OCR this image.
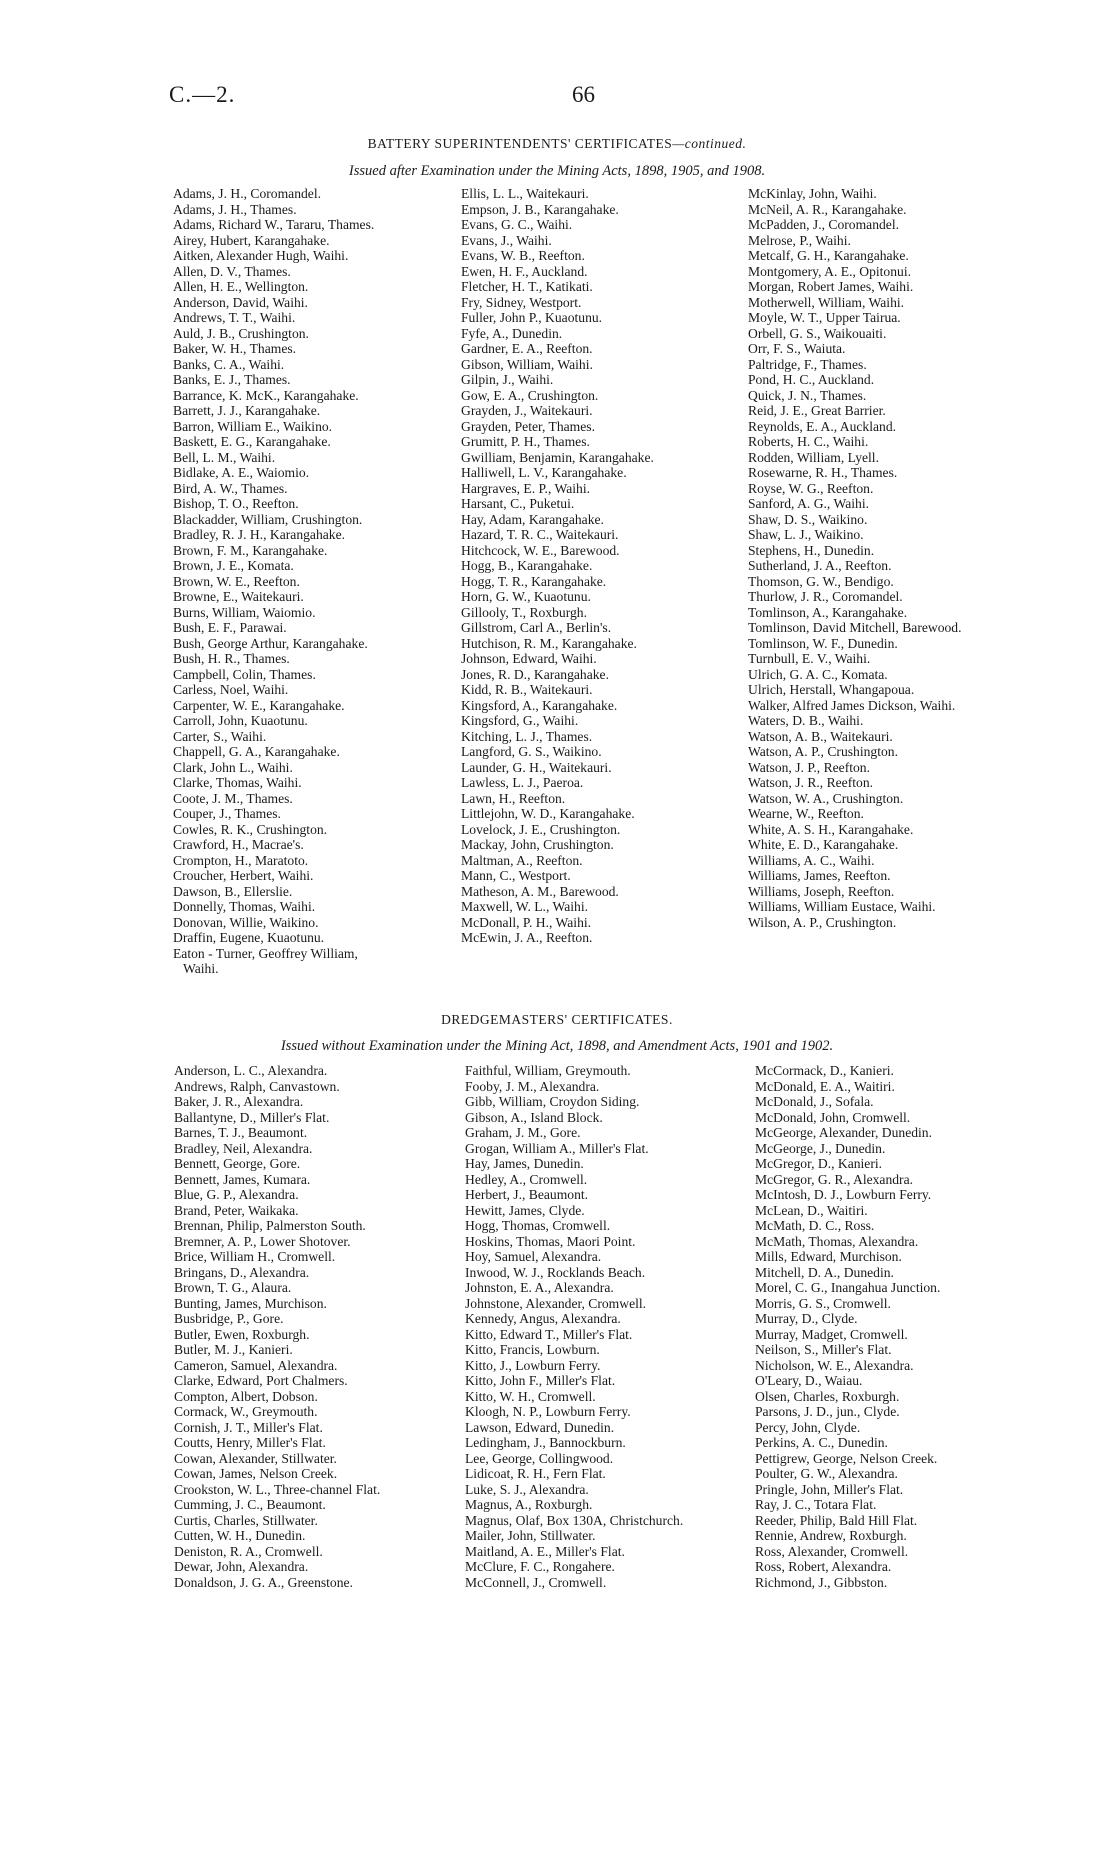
C.—2.	66
BATTERY SUPERINTENDENTS' CERTIFICATES—continued.
Issued after Examination under the Mining Acts, 1898, 1905, and 1908.
Adams, J. H., Coromandel.
Adams, J. H., Thames.
Adams, Richard W., Tararu, Thames.
Airey, Hubert, Karangahake.
Aitken, Alexander Hugh, Waihi.
Allen, D. V., Thames.
Allen, H. E., Wellington.
Anderson, David, Waihi.
Andrews, T. T., Waihi.
Auld, J. B., Crushington.
Baker, W. H., Thames.
Banks, C. A., Waihi.
Banks, E. J., Thames.
Barrance, K. McK., Karangahake.
Barrett, J. J., Karangahake.
Barron, William E., Waikino.
Baskett, E. G., Karangahake.
Bell, L. M., Waihi.
Bidlake, A. E., Waiomio.
Bird, A. W., Thames.
Bishop, T. O., Reefton.
Blackadder, William, Crushington.
Bradley, R. J. H., Karangahake.
Brown, F. M., Karangahake.
Brown, J. E., Komata.
Brown, W. E., Reefton.
Browne, E., Waitekauri.
Burns, William, Waiomio.
Bush, E. F., Parawai.
Bush, George Arthur, Karangahake.
Bush, H. R., Thames.
Campbell, Colin, Thames.
Carless, Noel, Waihi.
Carpenter, W. E., Karangahake.
Carroll, John, Kuaotunu.
Carter, S., Waihi.
Chappell, G. A., Karangahake.
Clark, John L., Waihi.
Clarke, Thomas, Waihi.
Coote, J. M., Thames.
Couper, J., Thames.
Cowles, R. K., Crushington.
Crawford, H., Macrae's.
Crompton, H., Maratoto.
Croucher, Herbert, Waihi.
Dawson, B., Ellerslie.
Donnelly, Thomas, Waihi.
Donovan, Willie, Waikino.
Draffin, Eugene, Kuaotunu.
Eaton - Turner, Geoffrey William,
Waihi.
Ellis, L. L., Waitekauri.
Empson, J. B., Karangahake.
Evans, G. C., Waihi.
Evans, J., Waihi.
Evans, W. B., Reefton.
Ewen, H. F., Auckland.
Fletcher, H. T., Katikati.
Fry, Sidney, Westport.
Fuller, John P., Kuaotunu.
Fyfe, A., Dunedin.
Gardner, E. A., Reefton.
Gibson, William, Waihi.
Gilpin, J., Waihi.
Gow, E. A., Crushington.
Grayden, J., Waitekauri.
Grayden, Peter, Thames.
Grumitt, P. H., Thames.
Gwilliam, Benjamin, Karangahake.
Halliwell, L. V., Karangahake.
Hargraves, E. P., Waihi.
Harsant, C., Puketui.
Hay, Adam, Karangahake.
Hazard, T. R. C., Waitekauri.
Hitchcock, W. E., Barewood.
Hogg, B., Karangahake.
Hogg, T. R., Karangahake.
Horn, G. W., Kuaotunu.
Gillooly, T., Roxburgh.
Gillstrom, Carl A., Berlin's.
Hutchison, R. M., Karangahake.
Johnson, Edward, Waihi.
Jones, R. D., Karangahake.
Kidd, R. B., Waitekauri.
Kingsford, A., Karangahake.
Kingsford, G., Waihi.
Kitching, L. J., Thames.
Langford, G. S., Waikino.
Launder, G. H., Waitekauri.
Lawless, L. J., Paeroa.
Lawn, H., Reefton.
Littlejohn, W. D., Karangahake.
Lovelock, J. E., Crushington.
Mackay, John, Crushington.
Maltman, A., Reefton.
Mann, C., Westport.
Matheson, A. M., Barewood.
Maxwell, W. L., Waihi.
McDonall, P. H., Waihi.
McEwin, J. A., Reefton.
McKinlay, John, Waihi.
McNeil, A. R., Karangahake.
McPadden, J., Coromandel.
Melrose, P., Waihi.
Metcalf, G. H., Karangahake.
Montgomery, A. E., Opitonui.
Morgan, Robert James, Waihi.
Motherwell, William, Waihi.
Moyle, W. T., Upper Tairua.
Orbell, G. S., Waikouaiti.
Orr, F. S., Waiuta.
Paltridge, F., Thames.
Pond, H. C., Auckland.
Quick, J. N., Thames.
Reid, J. E., Great Barrier.
Reynolds, E. A., Auckland.
Roberts, H. C., Waihi.
Rodden, William, Lyell.
Rosewarne, R. H., Thames.
Royse, W. G., Reefton.
Sanford, A. G., Waihi.
Shaw, D. S., Waikino.
Shaw, L. J., Waikino.
Stephens, H., Dunedin.
Sutherland, J. A., Reefton.
Thomson, G. W., Bendigo.
Thurlow, J. R., Coromandel.
Tomlinson, A., Karangahake.
Tomlinson, David Mitchell, Barewood.
Tomlinson, W. F., Dunedin.
Turnbull, E. V., Waihi.
Ulrich, G. A. C., Komata.
Ulrich, Herstall, Whangapoua.
Walker, Alfred James Dickson, Waihi.
Waters, D. B., Waihi.
Watson, A. B., Waitekauri.
Watson, A. P., Crushington.
Watson, J. P., Reefton.
Watson, J. R., Reefton.
Watson, W. A., Crushington.
Wearne, W., Reefton.
White, A. S. H., Karangahake.
White, E. D., Karangahake.
Williams, A. C., Waihi.
Williams, James, Reefton.
Williams, Joseph, Reefton.
Williams, William Eustace, Waihi.
Wilson, A. P., Crushington.
DREDGEMASTERS' CERTIFICATES.
Issued without Examination under the Mining Act, 1898, and Amendment Acts, 1901 and 1902.
Anderson, L. C., Alexandra.
Andrews, Ralph, Canvastown.
Baker, J. R., Alexandra.
Ballantyne, D., Miller's Flat.
Barnes, T. J., Beaumont.
Bradley, Neil, Alexandra.
Bennett, George, Gore.
Bennett, James, Kumara.
Blue, G. P., Alexandra.
Brand, Peter, Waikaka.
Brennan, Philip, Palmerston South.
Bremner, A. P., Lower Shotover.
Brice, William H., Cromwell.
Bringans, D., Alexandra.
Brown, T. G., Alaura.
Bunting, James, Murchison.
Busbridge, P., Gore.
Butler, Ewen, Roxburgh.
Butler, M. J., Kanieri.
Cameron, Samuel, Alexandra.
Clarke, Edward, Port Chalmers.
Compton, Albert, Dobson.
Cormack, W., Greymouth.
Cornish, J. T., Miller's Flat.
Coutts, Henry, Miller's Flat.
Cowan, Alexander, Stillwater.
Cowan, James, Nelson Creek.
Crookston, W. L., Three-channel Flat.
Cumming, J. C., Beaumont.
Curtis, Charles, Stillwater.
Cutten, W. H., Dunedin.
Deniston, R. A., Cromwell.
Dewar, John, Alexandra.
Donaldson, J. G. A., Greenstone.
Faithful, William, Greymouth.
Fooby, J. M., Alexandra.
Gibb, William, Croydon Siding.
Gibson, A., Island Block.
Graham, J. M., Gore.
Grogan, William A., Miller's Flat.
Hay, James, Dunedin.
Hedley, A., Cromwell.
Herbert, J., Beaumont.
Hewitt, James, Clyde.
Hogg, Thomas, Cromwell.
Hoskins, Thomas, Maori Point.
Hoy, Samuel, Alexandra.
Inwood, W. J., Rocklands Beach.
Johnston, E. A., Alexandra.
Johnstone, Alexander, Cromwell.
Kennedy, Angus, Alexandra.
Kitto, Edward T., Miller's Flat.
Kitto, Francis, Lowburn.
Kitto, J., Lowburn Ferry.
Kitto, John F., Miller's Flat.
Kitto, W. H., Cromwell.
Kloogh, N. P., Lowburn Ferry.
Lawson, Edward, Dunedin.
Ledingham, J., Bannockburn.
Lee, George, Collingwood.
Lidicoat, R. H., Fern Flat.
Luke, S. J., Alexandra.
Magnus, A., Roxburgh.
Magnus, Olaf, Box 130A, Christchurch.
Mailer, John, Stillwater.
Maitland, A. E., Miller's Flat.
McClure, F. C., Rongahere.
McConnell, J., Cromwell.
McCormack, D., Kanieri.
McDonald, E. A., Waitiri.
McDonald, J., Sofala.
McDonald, John, Cromwell.
McGeorge, Alexander, Dunedin.
McGeorge, J., Dunedin.
McGregor, D., Kanieri.
McGregor, G. R., Alexandra.
McIntosh, D. J., Lowburn Ferry.
McLean, D., Waitiri.
McMath, D. C., Ross.
McMath, Thomas, Alexandra.
Mills, Edward, Murchison.
Mitchell, D. A., Dunedin.
Morel, C. G., Inangahua Junction.
Morris, G. S., Cromwell.
Murray, D., Clyde.
Murray, Madget, Cromwell.
Neilson, S., Miller's Flat.
Nicholson, W. E., Alexandra.
O'Leary, D., Waiau.
Olsen, Charles, Roxburgh.
Parsons, J. D., jun., Clyde.
Percy, John, Clyde.
Perkins, A. C., Dunedin.
Pettigrew, George, Nelson Creek.
Poulter, G. W., Alexandra.
Pringle, John, Miller's Flat.
Ray, J. C., Totara Flat.
Reeder, Philip, Bald Hill Flat.
Rennie, Andrew, Roxburgh.
Ross, Alexander, Cromwell.
Ross, Robert, Alexandra.
Richmond, J., Gibbston.
